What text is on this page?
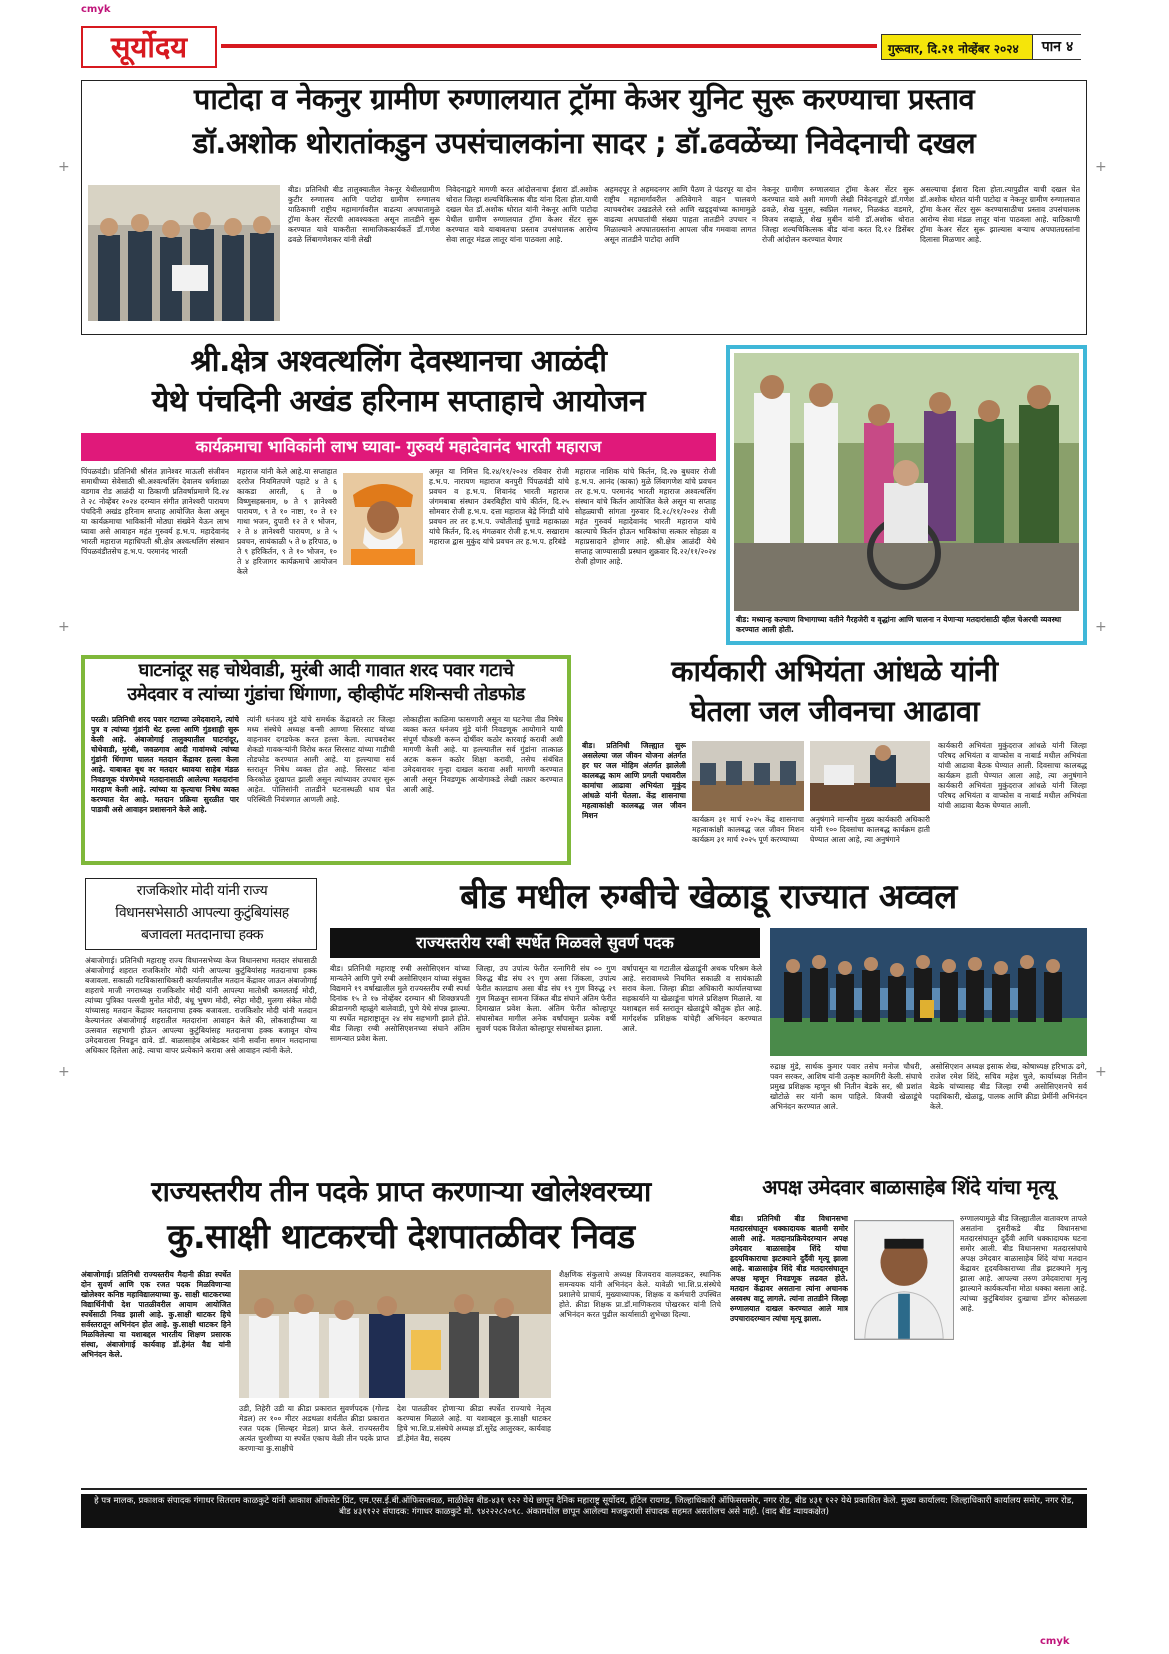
cmyk
cmyk
+
+
+
+
+
+
सूर्योदय	गुरूवार, दि.२१ नोव्हेंबर २०२४	पान ४
पाटोदा व नेकनुर ग्रामीण रुग्णालयात ट्रॉमा केअर युनिट सुरू करण्याचा प्रस्ताव
डॉ.अशोक थोरातांकडुन उपसंचालकांना सादर ; डॉ.ढवळेंच्या निवेदनाची दखल
बीड। प्रतिनिधी बीड तालुक्यातील नेकनूर येथीलग्रामीण कुटीर रुग्णालय आणि पाटोदा ग्रामीण रुग्णालय याठिकाणी राष्ट्रीय महामार्गावरील वाढत्या अपघातामुळे ट्रॉमा केअर सेंटरची आवश्यकता असून तातडीने सुरू करण्यात यावे याकरीता सामाजिककार्यकर्ते डॉ.गणेश ढवळे लिंबागणेशकर यांनी लेखी
निवेदनाद्वारे मागणी करत आंदोलनाचा ईशारा डॉ.अशोक थोरात जिल्हा शल्यचिकित्सक बीड यांना दिला होता.याची दखल घेत डॉ.अशोक थोरात यांनी नेकनूर आणि पाटोदा येथील ग्रामीण रुग्णालयात ट्रॉमा केअर सेंटर सुरू करण्यात यावे याबाबतचा प्रस्ताव उपसंचालक आरोग्य सेवा लातूर मंडळ लातूर यांना पाठवला आहे.
अहमदपूर ते अहमदनगर आणि पैठण ते पंढरपूर या दोन राष्ट्रीय महामार्गावरील अतिवेगाने वाहन चालवणे त्याचबरोबर उखडलेले रस्ते आणि खड्ड्यांच्या कामामुळे वाढत्या अपघातांची संख्या पाहता तातडीने उपचार न मिळाल्याने अपघातग्रस्तांना आपला जीव गमवावा लागत असून तातडीने पाटोदा आणि
नेकनूर ग्रामीण रुग्णालयात ट्रॉमा केअर सेंटर सुरू करण्यात यावे अशी मागणी लेखी निवेदनाद्वारे डॉ.गणेश ढवळे, शेख युनुस, स्वप्निल गलधर, निळकंठ वडमारे, विजय लव्हाळे, शेख मुबीन यांनी डॉ.अशोक थोरात जिल्हा शल्यचिकित्सक बीड यांना करत दि.१२ डिसेंबर रोजी आंदोलन करण्यात येणार
असल्याचा ईशारा दिला होता.त्यापुढील याची दखल घेत डॉ.अशोक थोरात यांनी पाटोदा व नेकनूर ग्रामीण रुग्णालयात ट्रॉमा केअर सेंटर सुरू करण्यासाठीचा प्रस्ताव उपसंचालक आरोग्य सेवा मंडळ लातूर यांना पाठवला आहे. याठिकाणी ट्रॉमा केअर सेंटर सुरू झाल्यास बऱ्याच अपघातग्रस्तांना दिलासा मिळणार आहे.
श्री.क्षेत्र अश्वत्थलिंग देवस्थानचा आळंदी
येथे पंचदिनी अखंड हरिनाम सप्ताहाचे आयोजन
कार्यक्रमाचा भाविकांनी लाभ घ्यावा- गुरुवर्य महादेवानंद भारती महाराज
पिंपळवंडी। प्रतिनिधी श्रीसंत ज्ञानेश्वर माऊली संजीवन समाधीच्या सेवेसाठी श्री.अश्वत्थलिंग देवालय धर्मशाळा वडगाव रोड आळंदी या ठिकाणी प्रतिवर्षाप्रमाणे दि.२४ ते २८ नोव्हेंबर २०२४ दरम्यान संगीत ज्ञानेश्वरी पारायण पंचदिनी अखंड हरिनाम सप्ताह आयोजित केला असून या कार्यक्रमाचा भाविकांनी मोठ्या संख्येने येऊन लाभ घ्यावा असे आवाहन महंत गुरुवर्य ह.भ.प. महादेवानंद भारती महाराज महाधिपती श्री.क्षेत्र अश्वत्थलिंग संस्थान पिंपळवंडीतसेच ह.भ.प. परमानंद भारती
महाराज यांनी केले आहे.या सप्ताहात दररोज नियमितपणे पहाटे ४ ते ६ काकडा आरती, ६ ते ७ विष्णुसहस्रनाम, ७ ते ९ ज्ञानेश्वरी पारायण, ९ ते १० नाष्टा, १० ते १२ गाथा भजन, दुपारी १२ ते १ भोजन, २ ते ४ ज्ञानेश्वरी पारायण, ४ ते ५ प्रवचन, सायंकाळी ५ ते ७ हरिपाठ, ७ ते ९ हरिकिर्तन, ९ ते १० भोजन, १० ते ४ हरिजागर कार्यक्रमाचे आयोजन केले
अमृत या निमित्त दि.२४/११/२०२४ रविवार रोजी ह.भ.प. नारायण महाराज बनपुरी पिंपळवंडी यांचे प्रवचन व ह.भ.प. शिवानंद भारती महाराज जंगमबाबा संस्थान उंबरबिहीरा यांचे कीर्तन, दि.२५ सोमवार रोजी ह.भ.प. दत्ता महाराज बेद्रे निंगडी यांचे प्रवचन तर तर ह.भ.प. ज्योतीताई घुगाडे महाकाळा यांचे किर्तन, दि.२६ मंगळवार रोजी ह.भ.प. सखाराम महाराज द्वास मुकुंद यांचे प्रवचन तर ह.भ.प. हरिबंडे
महाराज नाशिक यांचे किर्तन, दि.२७ बुधवार रोजी ह.भ.प. आनंद (काका) मुळे लिंबागणेश यांचे प्रवचन तर ह.भ.प. परमानंद भारती महाराज अश्वत्थलिंग संस्थान यांचे किर्तन आयोजित केले असून या सप्ताह सोहळ्याची सांगता गुरुवार दि.२८/११/२०२४ रोजी महंत गुरुवर्य महादेवानंद भारती महाराज यांचे काल्याचे किर्तन होऊन भाविकांचा सत्कार सोहळा व महाप्रसादाने होणार आहे. श्री.क्षेत्र आळंदी येथे सप्ताह जाण्यासाठी प्रस्थान शुक्रवार दि.२२/११/२०२४ रोजी होणार आहे.
बीड: मध्यान्ह कल्याण विभागाच्या वतीने गैरहजेरी व वृद्धांना आणि चालना न येणाऱ्या मतदारांसाठी व्हील चेअरची व्यवस्था करण्यात आली होती.
घाटनांदूर सह चोथेवाडी, मुरंबी आदी गावात शरद पवार गटाचे
उमेदवार व त्यांच्या गुंडांचा धिंगाणा, व्हीव्हीपॅट मशिन्सची तोडफोड
परळी। प्रतिनिधी शरद पवार गटाच्या उमेदवाराने, त्यांचे पुत्र व त्यांच्या गुंडांनी थेट हल्ला आणि गुंडशाही सुरू केली आहे. अंबाजोगाई तालुक्यातील घाटनांदूर, चोथेवाडी, मुरंबी, जवळगाव आदी गावांमध्ये त्यांच्या गुंडांनी धिंगाणा घालत मतदान केंद्रावर हल्ला केला आहे. याबाबत बूथ वर मतदार ध्यावया साहेब मंडळ निवडणूक यंत्रणेमध्ये मतदानासाठी आलेल्या मतदारांना मारहाण केली आहे. त्यांच्या या कृत्याचा निषेध व्यक्त करण्यात येत आहे. मतदान प्रक्रिया सुरळीत पार पाडावी असे आवाहन प्रशासनाने केले आहे.
त्यांनी धनंजय मुंडे यांचे समर्थक केंद्रावरते तर जिल्हा मध्य संस्थेचे अध्यक्ष बन्सी आण्णा सिरसाट यांच्या वाहनावर दगडफेक करत हल्ला केला. त्याचबरोबर शेकडो गावकऱ्यांनी विरोध करत सिरसाट यांच्या गाडीची तोडफोड करण्यात आली आहे. या हल्ल्याचा सर्व स्तरातून निषेध व्यक्त होत आहे. सिरसाट यांना किरकोळ दुखापत झाली असून त्यांच्यावर उपचार सुरू आहेत. पोलिसांनी तातडीने घटनास्थळी धाव घेत परिस्थिती नियंत्रणात आणली आहे.
लोकाहीला काळिमा फासणारी असून या घटनेचा तीव्र निषेध व्यक्त करत धनंजय मुंडे यांनी निवडणूक आयोगाने याची संपूर्ण चौकशी करून दोषींवर कठोर कारवाई करावी अशी मागणी केली आहे. या हल्ल्यातील सर्व गुंडांना तात्काळ अटक करून कठोर शिक्षा करावी, तसेच संबंधित उमेदवारावर गुन्हा दाखल करावा अशी मागणी करण्यात आली असून निवडणूक आयोगाकडे लेखी तक्रार करण्यात आली आहे.
कार्यकारी अभियंता आंधळे यांनी
घेतला जल जीवनचा आढावा
बीड। प्रतिनिधी जिल्ह्यात सुरू असलेल्या जल जीवन योजना अंतर्गत हर घर जल मोहिम अंतर्गत झालेली कालबद्ध काम आणि प्रगती पथावरील कामांचा आढावा अभियंता मुकुंद आंधळे यांनी घेतला. केंद्र शासनाचा महत्वाकांक्षी कालबद्ध जल जीवन मिशन	कार्यक्रम ३१ मार्च २०२५ केंद्र शासनाचा महत्वाकांक्षी कालबद्ध जल जीवन मिशन कार्यक्रम ३१ मार्च २०२५ पूर्ण करण्याच्या
अनुषंगाने मान्सीय मुख्य कार्यकारी अधिकारी यांनी १०० दिवसांचा कालबद्ध कार्यक्रम हाती घेण्यात आला आहे, त्या अनुषंगाने
कार्यकारी अभियंता मुकुंदराज आंधळे यांनी जिल्हा परिषद अभियंता व वाप्कोस व नाबार्ड मधील अभियंता यांची आढावा बैठक घेण्यात आली. दिवसाचा कालबद्ध कार्यक्रम हाती घेण्यात आला आहे, त्या अनुषंगाने कार्यकारी अभियंता मुकुंदराज आंधळे यांनी जिल्हा परिषद अभियंता व वाप्कोस व नाबार्ड मधील अभियंता यांची आढावा बैठक घेण्यात आली.
राजकिशोर मोदी यांनी राज्य
विधानसभेसाठी आपल्या कुटुंबियांसह
बजावला मतदानाचा हक्क
अंबाजोगाई। प्रतिनिधी महाराष्ट्र राज्य विधानसभेच्या केज विधानसभा मतदार संघासाठी अंबाजोगाई शहरात राजकिशोर मोदी यांनी आपल्या कुटुंबियांसह मतदानाचा हक्क बजावला. सकाळी गटविकासाधिकारी कार्यालयातील मतदान केंद्रावर जाऊन अंबाजोगाई शहराचे माजी नगराध्यक्ष राजकिशोर मोदी यांनी आपल्या मातोश्री कमलताई मोदी, त्यांच्या पुत्रिका पल्लवी मुनोत मोदी, बंधू भुषण मोदी, स्नेहा मोदी, मुलगा संकेत मोदी यांच्यासह मतदान केंद्रावर मतदानाचा हक्क बजावला. राजकिशोर मोदी यांनी मतदान केल्यानंतर अंबाजोगाई शहरातील मतदारांना आवाहन केले की, लोकशाहीच्या या उत्सवात सहभागी होऊन आपल्या कुटुंबियांसह मतदानाचा हक्क बजावून योग्य उमेदवाराला निवडून द्यावे. डॉ. बाळासाहेब आंबेडकर यांनी सर्वांना समान मतदानाचा अधिकार दिलेला आहे. त्याचा वापर प्रत्येकाने करावा असे आवाहन त्यांनी केले.
बीड मधील रुग्बीचे खेळाडू राज्यात अव्वल
राज्यस्तरीय रग्बी स्पर्धेत मिळवले सुवर्ण पदक
बीड। प्रतिनिधी महाराष्ट्र रग्बी असोसिएशन यांच्या मान्यतेने आणि पुणे रग्बी असोसिएशन यांच्या संयुक्त विद्यमाने १९ वर्षाखालील मुले राज्यस्तरीय रग्बी स्पर्धा दिनांक १५ ते १७ नोव्हेंबर दरम्यान श्री शिवछत्रपती क्रीडानगरी म्हाळुंगे बालेवाडी, पुणे येथे संपन्न झाल्या. या स्पर्धेत महाराष्ट्रातून २४ संघ सहभागी झाले होते. बीड जिल्हा रग्बी असोसिएशनच्या संघाने अंतिम सामन्यात प्रवेश केला.
जिल्हा, उप उपांत्य फेरीत रत्नागिरी संघ ०० गुण विरुद्ध बीड संघ २९ गुण असा जिंकला, उपांत्य फेरीत कालडाच असा बीड संघ १९ गुण विरुद्ध २९ गुण मिळवून सामना जिंकत बीड संघाने अंतिम फेरीत दिमाखात प्रवेश केला. अंतिम फेरीत कोल्हापूर संघासोबत मागील अनेक वर्षांपासून प्रत्येक वर्षी सुवर्ण पदक विजेता कोल्हापूर संघासोबत झाला.
वर्षापासून या गटातील खेळाडूंनी अथक परिश्रम केले आहे. सरावामध्ये नियमित सकाळी व सायंकाळी सराव केला. जिल्हा क्रीडा अधिकारी कार्यालयाच्या सहकार्याने या खेळाडूंना चांगले प्रशिक्षण मिळाले. या यशाबद्दल सर्व स्तरातून खेळाडूंचे कौतुक होत आहे. मार्गदर्शक प्रशिक्षक यांचेही अभिनंदन करण्यात आले.
रुद्राक्ष मुंडे, सार्थक कुमार पवार तसेच मनोज चौधरी, पवन सरकर, आशिष यांनी उत्कृष्ट कामगिरी केली. संघाचे प्रमुख प्रशिक्षक म्हणून श्री नितीन बेडके सर, श्री प्रशांत खोटोळे सर यांनी काम पाहिले. विजयी खेळाडूंचे अभिनंदन करण्यात आले.
असोसिएशन अध्यक्ष इसाक शेख, कोषाध्यक्ष हरिभाऊ ढगे, राजेश रमेश शिंदे, सचिव महेश चुले, कार्याध्यक्ष नितीन बेडके यांच्यासह बीड जिल्हा रग्बी असोसिएशनचे सर्व पदाधिकारी, खेळाडू, पालक आणि क्रीडा प्रेमींनी अभिनंदन केले.
राज्यस्तरीय तीन पदके प्राप्त करणाऱ्या खोलेश्वरच्या
कु.साक्षी थाटकरची देशपातळीवर निवड
अंबाजोगाई। प्रतिनिधी राज्यस्तरीय मैदानी क्रीडा स्पर्धेत दोन सुवर्ण आणि एक रजत पदक मिळविणाऱ्या खोलेश्वर कनिष्ठ महाविद्यालयाच्या कु. साक्षी थाटकरच्या विद्यार्थिनीची देश पातळीवरील आयाम आयोजित स्पर्धेसाठी निवड झाली आहे. कु.साक्षी थाटकर हिचे सर्वस्तरातून अभिनंदन होत आहे. कु.साक्षी थाटकर हिने मिळविलेल्या या यशाबद्दल भारतीय शिक्षण प्रसारक संस्था, अंबाजोगाई कार्यवाह डॉ.हेमंत वैद्य यांनी अभिनंदन केले.
उडी, तिहेरी उडी या क्रीडा प्रकारात सुवर्णपदक (गोल्ड मेडल) तर १०० मीटर अडथळा शर्यतीत क्रीडा प्रकारात रजत पदक (सिल्व्हर मेडल) प्राप्त केले. राज्यस्तरीय अत्यंत चुरशीच्या या स्पर्धेत एकाच वेळी तीन पदके प्राप्त करणाऱ्या कु.साक्षीचे
देश पातळीवर होणाऱ्या क्रीडा स्पर्धेत राज्याचे नेतृत्व करण्यास मिळाले आहे. या यशाबद्दल कु.साक्षी थाटकर हिचे भा.शि.प्र.संस्थेचे अध्यक्ष डॉ.सुरेंद्र आलुरकर, कार्यवाह डॉ.हेमंत वैद्य, सदस्य
शैक्षणिक संकुलाचे अध्यक्ष विजयराव वालवडकर, स्थानिक समन्वयक यांनी अभिनंदन केले. यावेळी भा.शि.प्र.संस्थेचे प्रशालेचे प्राचार्य, मुख्याध्यापक, शिक्षक व कर्मचारी उपस्थित होते. क्रीडा शिक्षक प्रा.डॉ.माणिकराव पोखरकर यांनी तिचे अभिनंदन करत पुढील कार्यासाठी शुभेच्छा दिल्या.
अपक्ष उमेदवार बाळासाहेब शिंदे यांचा मृत्यू
बीड। प्रतिनिधी बीड विधानसभा मतदारसंघातून धक्कादायक बातमी समोर आली आहे. मतदानप्रक्रियेदरम्यान अपक्ष उमेदवार बाळासाहेब शिंदे यांचा हृदयविकाराचा झटक्याने दुर्दैवी मृत्यू झाला आहे. बाळासाहेब शिंदे बीड मतदारसंघातून अपक्ष म्हणून निवडणूक लढवत होते. मतदान केंद्रावर असताना त्यांना अचानक अस्वस्थ वाटू लागले. त्यांना तातडीने जिल्हा रुग्णालयात दाखल करण्यात आले मात्र उपचारादरम्यान त्यांचा मृत्यू झाला.
रुग्णालयामुळे बीड जिल्ह्यातील वातावरण तापले असतांना दुसरीकडे बीड विधानसभा मतदारसंघातून दुर्दैवी आणि धक्कादायक घटना समोर आली. बीड विधानसभा मतदारसंघाचे अपक्ष उमेदवार बाळासाहेब शिंदे यांचा मतदान केंद्रावर हृदयविकाराच्या तीव्र झटक्याने मृत्यू झाला आहे. आपल्या तरुण उमेदवाराचा मृत्यू झाल्याने कार्यकर्त्यांना मोठा धक्का बसला आहे. त्यांच्या कुटुंबियांवर दुःखाचा डोंगर कोसळला आहे.
हे पत्र मालक, प्रकाशक संपादक गंगाधर सितराम काळकुटे यांनी आकाश ऑफसेट प्रिंट, एम.एस.ई.बी.ऑफिसजवळ, माळीवेस बीड-४३१ १२२ येथे छापून दैनिक महाराष्ट्र सूर्योदय, हॉटेल रायगड, जिल्हाधिकारी ऑफिससमोर, नगर रोड, बीड ४३१ १२२ येथे प्रकाशित केले. मुख्य कार्यालय: जिल्हाधिकारी कार्यालय समोर, नगर रोड, बीड ४३११२२ संपादक: गंगाधर काळकुटे मो. ९४२२२८२०९८. अंकामधील छापून आलेल्या मजकुराशी संपादक सहमत असतीलच असे नाही. (वाद बीड न्यायकक्षेत)
